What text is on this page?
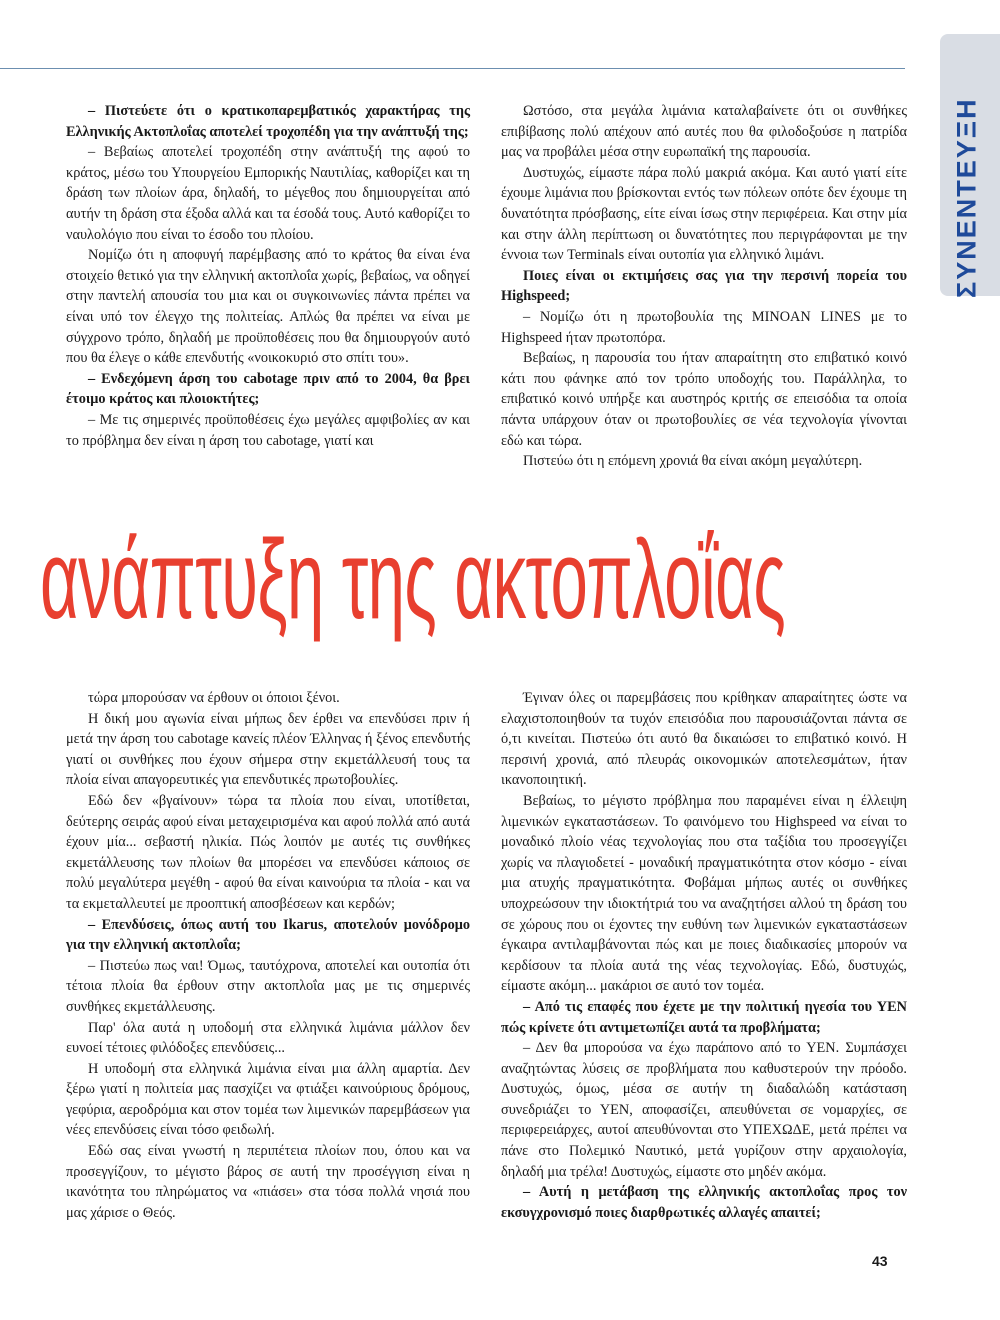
ΣΥΝΕΝΤΕΥΞΗ

– Πιστεύετε ότι ο κρατικοπαρεμβατικός χαρακτήρας της Ελληνικής Ακτοπλοΐας αποτελεί τροχοπέδη για την ανάπτυξή της;

– Βεβαίως αποτελεί τροχοπέδη στην ανάπτυξή της αφού το κράτος, μέσω του Υπουργείου Εμπορικής Ναυτιλίας, καθορίζει και τη δράση των πλοίων άρα, δηλαδή, το μέγεθος που δημιουργείται από αυτήν τη δράση στα έξοδα αλλά και τα έσοδά τους. Αυτό καθορίζει το ναυλολόγιο που είναι το έσοδο του πλοίου.

Νομίζω ότι η αποφυγή παρέμβασης από το κράτος θα είναι ένα στοιχείο θετικό για την ελληνική ακτοπλοΐα χωρίς, βεβαίως, να οδηγεί στην παντελή απουσία του μια και οι συγκοινωνίες πάντα πρέπει να είναι υπό τον έλεγχο της πολιτείας. Απλώς θα πρέπει να είναι με σύγχρονο τρόπο, δηλαδή με προϋποθέσεις που θα δημιουργούν αυτό που θα έλεγε ο κάθε επενδυτής «νοικοκυριό στο σπίτι του».

– Ενδεχόμενη άρση του cabotage πριν από το 2004, θα βρει έτοιμο κράτος και πλοιοκτήτες;

– Με τις σημερινές προϋποθέσεις έχω μεγάλες αμφιβολίες αν και το πρόβλημα δεν είναι η άρση του cabotage, γιατί και

Ωστόσο, στα μεγάλα λιμάνια καταλαβαίνετε ότι οι συνθήκες επιβίβασης πολύ απέχουν από αυτές που θα φιλοδοξούσε η πατρίδα μας να προβάλει μέσα στην ευρωπαϊκή της παρουσία.

Δυστυχώς, είμαστε πάρα πολύ μακριά ακόμα. Και αυτό γιατί είτε έχουμε λιμάνια που βρίσκονται εντός των πόλεων οπότε δεν έχουμε τη δυνατότητα πρόσβασης, είτε είναι ίσως στην περιφέρεια. Και στην μία και στην άλλη περίπτωση οι δυνατότητες που περιγράφονται με την έννοια των Terminals είναι ουτοπία για ελληνικό λιμάνι.

Ποιες είναι οι εκτιμήσεις σας για την περσινή πορεία του Highspeed;

– Νομίζω ότι η πρωτοβουλία της MINOAN LINES με το Highspeed ήταν πρωτοπόρα.

Βεβαίως, η παρουσία του ήταν απαραίτητη στο επιβατικό κοινό κάτι που φάνηκε από τον τρόπο υποδοχής του. Παράλληλα, το επιβατικό κοινό υπήρξε και αυστηρός κριτής σε επεισόδια τα οποία πάντα υπάρχουν όταν οι πρωτοβουλίες σε νέα τεχνολογία γίνονται εδώ και τώρα.

Πιστεύω ότι η επόμενη χρονιά θα είναι ακόμη μεγαλύτερη.

ανάπτυξη της ακτοπλοΐας

τώρα μπορούσαν να έρθουν οι όποιοι ξένοι.

Η δική μου αγωνία είναι μήπως δεν έρθει να επενδύσει πριν ή μετά την άρση του cabotage κανείς πλέον Έλληνας ή ξένος επενδυτής γιατί οι συνθήκες που έχουν σήμερα στην εκμετάλλευσή τους τα πλοία είναι απαγορευτικές για επενδυτικές πρωτοβουλίες.

Εδώ δεν «βγαίνουν» τώρα τα πλοία που είναι, υποτίθεται, δεύτερης σειράς αφού είναι μεταχειρισμένα και αφού πολλά από αυτά έχουν μία... σεβαστή ηλικία. Πώς λοιπόν με αυτές τις συνθήκες εκμετάλλευσης των πλοίων θα μπορέσει να επενδύσει κάποιος σε πολύ μεγαλύτερα μεγέθη - αφού θα είναι καινούρια τα πλοία - και να τα εκμεταλλευτεί με προοπτική αποσβέσεων και κερδών;

– Επενδύσεις, όπως αυτή του Ikarus, αποτελούν μονόδρομο για την ελληνική ακτοπλοΐα;

– Πιστεύω πως ναι! Όμως, ταυτόχρονα, αποτελεί και ουτοπία ότι τέτοια πλοία θα έρθουν στην ακτοπλοΐα μας με τις σημερινές συνθήκες εκμετάλλευσης.

Παρ' όλα αυτά η υποδομή στα ελληνικά λιμάνια μάλλον δεν ευνοεί τέτοιες φιλόδοξες επενδύσεις...

Η υποδομή στα ελληνικά λιμάνια είναι μια άλλη αμαρτία. Δεν ξέρω γιατί η πολιτεία μας πασχίζει να φτιάξει καινούριους δρόμους, γεφύρια, αεροδρόμια και στον τομέα των λιμενικών παρεμβάσεων για νέες επενδύσεις είναι τόσο φειδωλή.

Εδώ σας είναι γνωστή η περιπέτεια πλοίων που, όπου και να προσεγγίζουν, το μέγιστο βάρος σε αυτή την προσέγγιση είναι η ικανότητα του πληρώματος να «πιάσει» στα τόσα πολλά νησιά που μας χάρισε ο Θεός.

Έγιναν όλες οι παρεμβάσεις που κρίθηκαν απαραίτητες ώστε να ελαχιστοποιηθούν τα τυχόν επεισόδια που παρουσιάζονται πάντα σε ό,τι κινείται. Πιστεύω ότι αυτό θα δικαιώσει το επιβατικό κοινό. Η περσινή χρονιά, από πλευράς οικονομικών αποτελεσμάτων, ήταν ικανοποιητική.

Βεβαίως, το μέγιστο πρόβλημα που παραμένει είναι η έλλειψη λιμενικών εγκαταστάσεων. Το φαινόμενο του Highspeed να είναι το μοναδικό πλοίο νέας τεχνολογίας που στα ταξίδια του προσεγγίζει χωρίς να πλαγιοδετεί - μοναδική πραγματικότητα στον κόσμο - είναι μια ατυχής πραγματικότητα. Φοβάμαι μήπως αυτές οι συνθήκες υποχρεώσουν την ιδιοκτήτριά του να αναζητήσει αλλού τη δράση του σε χώρους που οι έχοντες την ευθύνη των λιμενικών εγκαταστάσεων έγκαιρα αντιλαμβάνονται πώς και με ποιες διαδικασίες μπορούν να κερδίσουν τα πλοία αυτά της νέας τεχνολογίας. Εδώ, δυστυχώς, είμαστε ακόμη... μακάριοι σε αυτό τον τομέα.

– Από τις επαφές που έχετε με την πολιτική ηγεσία του ΥΕΝ πώς κρίνετε ότι αντιμετωπίζει αυτά τα προβλήματα;

– Δεν θα μπορούσα να έχω παράπονο από το ΥΕΝ. Συμπάσχει αναζητώντας λύσεις σε προβλήματα που καθυστερούν την πρόοδο. Δυστυχώς, όμως, μέσα σε αυτήν τη διαδαλώδη κατάσταση συνεδριάζει το ΥΕΝ, αποφασίζει, απευθύνεται σε νομαρχίες, σε περιφερειάρχες, αυτοί απευθύνονται στο ΥΠΕΧΩΔΕ, μετά πρέπει να πάνε στο Πολεμικό Ναυτικό, μετά γυρίζουν στην αρχαιολογία, δηλαδή μια τρέλα! Δυστυχώς, είμαστε στο μηδέν ακόμα.

– Αυτή η μετάβαση της ελληνικής ακτοπλοΐας προς τον εκσυγχρονισμό ποιες διαρθρωτικές αλλαγές απαιτεί;

43
